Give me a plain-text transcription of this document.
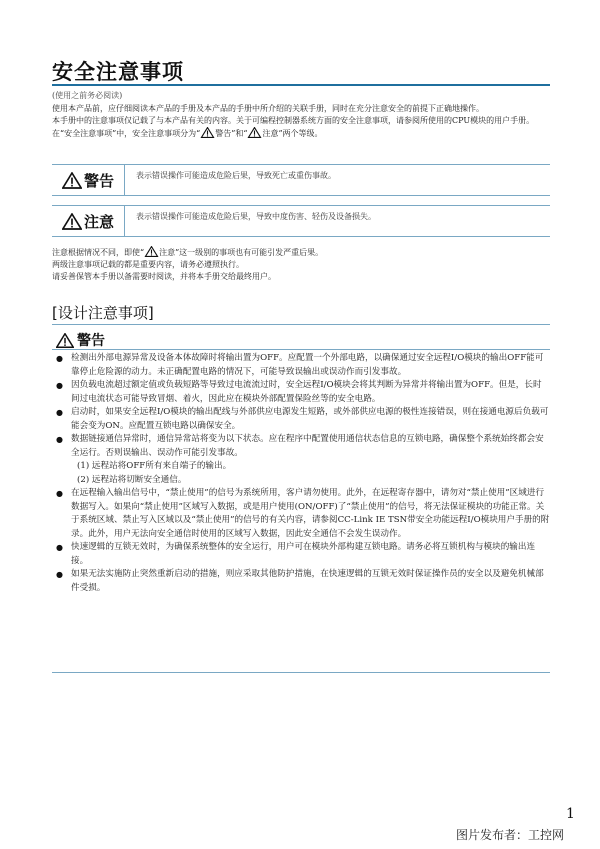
安全注意事项

(使用之前务必阅读)

使用本产品前，应仔细阅读本产品的手册及本产品的手册中所介绍的关联手册，同时在充分注意安全的前提下正确地操作。

本手册中的注意事项仅记载了与本产品有关的内容。关于可编程控制器系统方面的安全注意事项，请参阅所使用的CPU模块的用户手册。

在“安全注意事项”中，安全注意事项分为“ 警告”和“ 注意”两个等级。

警告	表示错误操作可能造成危险后果，导致死亡或重伤事故。
注意	表示错误操作可能造成危险后果，导致中度伤害、轻伤及设备损失。

注意根据情况不同，即使“ 注意”这一级别的事项也有可能引发严重后果。

两级注意事项记载的都是重要内容，请务必遵照执行。

请妥善保管本手册以备需要时阅读，并将本手册交给最终用户。

[设计注意事项]
警告
● 检测出外部电源异常及设备本体故障时将输出置为OFF。应配置一个外部电路，以确保通过安全远程I/O模块的输出OFF能可靠停止危险源的动力。未正确配置电路的情况下，可能导致误输出或误动作而引发事故。
● 因负载电流超过额定值或负载短路等导致过电流流过时，安全远程I/O模块会将其判断为异常并将输出置为OFF。但是，长时间过电流状态可能导致冒烟、着火，因此应在模块外部配置保险丝等的安全电路。
● 启动时，如果安全远程I/O模块的输出配线与外部供应电源发生短路，或外部供应电源的极性连接错误，则在接通电源后负载可能会变为ON。应配置互锁电路以确保安全。
● 数据链接通信异常时，通信异常站将变为以下状态。应在程序中配置使用通信状态信息的互锁电路，确保整个系统始终都会安全运行。否则误输出、误动作可能引发事故。
(1) 远程站将OFF所有来自端子的输出。
(2) 远程站将切断安全通信。
● 在远程输入输出信号中，“禁止使用”的信号为系统所用，客户请勿使用。此外，在远程寄存器中，请勿对“禁止使用”区域进行数据写入。如果向“禁止使用”区域写入数据，或是用户使用(ON/OFF)了“禁止使用”的信号，将无法保证模块的功能正常。关于系统区域、禁止写入区域以及“禁止使用”的信号的有关内容，请参阅CC-Link IE TSN带安全功能远程I/O模块用户手册的附录。此外，用户无法向安全通信时使用的区域写入数据，因此安全通信不会发生误动作。
● 快速逻辑的互锁无效时，为确保系统整体的安全运行，用户可在模块外部构建互锁电路。请务必将互锁机构与模块的输出连接。
● 如果无法实施防止突然重新启动的措施，则应采取其他防护措施，在快速逻辑的互锁无效时保证操作员的安全以及避免机械部件受损。
1
图片发布者：工控网
